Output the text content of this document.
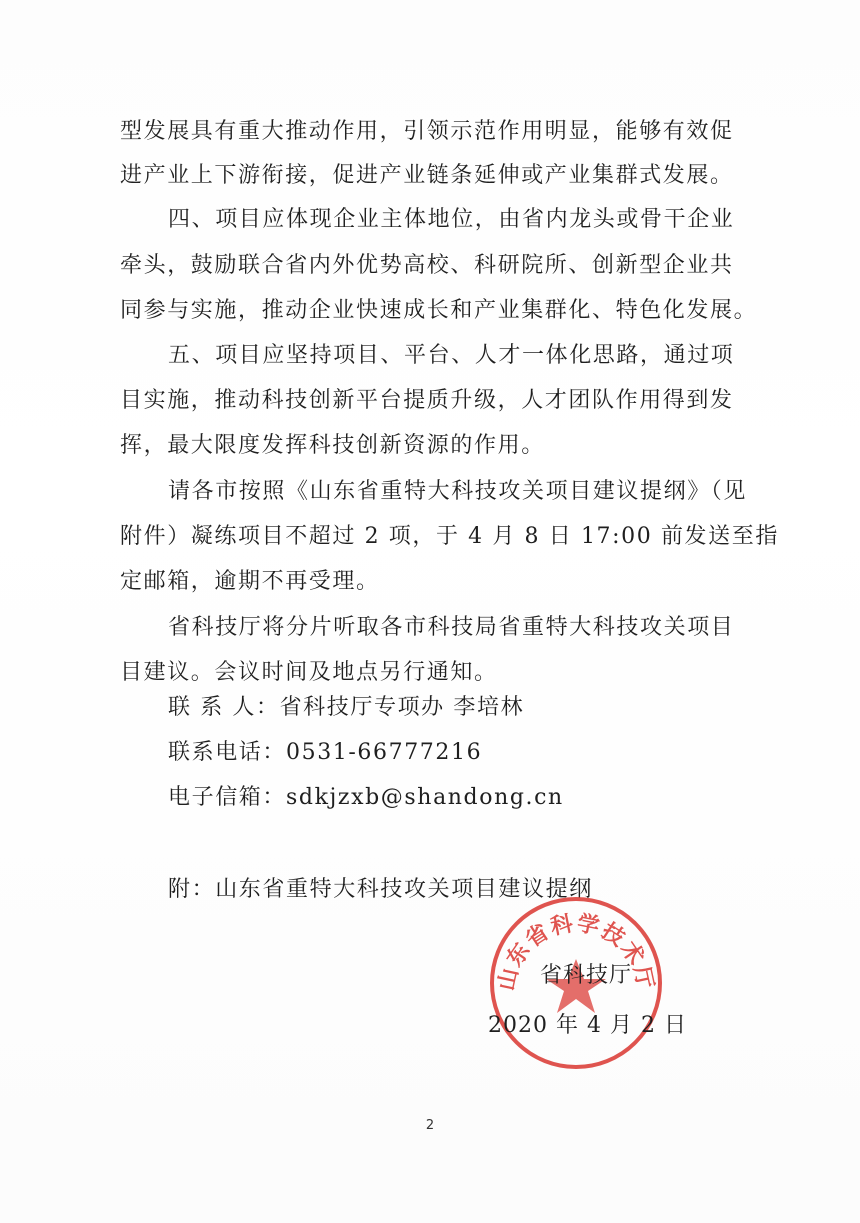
型发展具有重大推动作用，引领示范作用明显，能够有效促
进产业上下游衔接，促进产业链条延伸或产业集群式发展。
四、项目应体现企业主体地位，由省内龙头或骨干企业
牵头，鼓励联合省内外优势高校、科研院所、创新型企业共
同参与实施，推动企业快速成长和产业集群化、特色化发展。
五、项目应坚持项目、平台、人才一体化思路，通过项
目实施，推动科技创新平台提质升级，人才团队作用得到发
挥，最大限度发挥科技创新资源的作用。
请各市按照《山东省重特大科技攻关项目建议提纲》（见
附件）凝练项目不超过 2 项，于 4 月 8 日 17:00 前发送至指
定邮箱，逾期不再受理。
省科技厅将分片听取各市科技局省重特大科技攻关项目
目建议。会议时间及地点另行通知。
联 系 人：省科技厅专项办 李培林
联系电话：0531-66777216
电子信箱：sdkjzxb@shandong.cn
附：山东省重特大科技攻关项目建议提纲
山东省科学技术厅
省科技厅
2020 年 4 月 2 日
2
